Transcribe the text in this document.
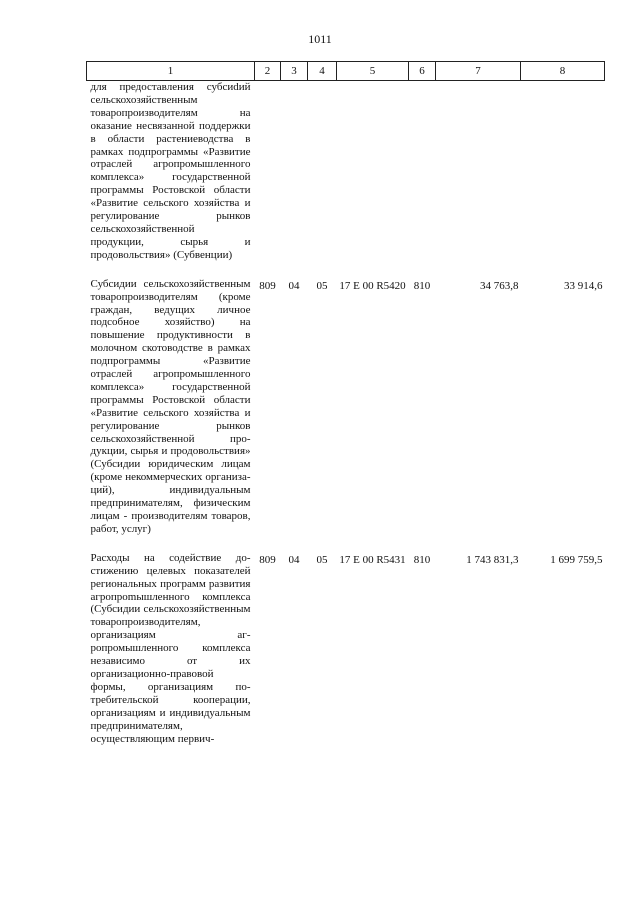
1011
1	2	3	4	5	6	7	8
для предоставления субсиdий сельскохозяйственным товаропроизводителям на оказание несвязанной поддержки в области растениеводства в рамках подпрограммы «Развитие отраслей агропромышленного комплекса» государственной программы Ростовской области «Развитие сельского хозяйства и регулирование рынков сельскохозяйственной продукции, сырья и продовольствия» (Субвенции)							
Субсидии сельскохозяйственным товаропроизводителям (кроме граждан, ведущих личное подсобное хозяйство) на повышение продуктивности в молочном скотоводстве в рамках подпрограммы «Развитие отраслей агропромышленного комплекса» государственной программы Ростовской области «Развитие сельского хозяйства и регулирование рынков сельскохозяйственной продукции, сырья и продовольствия» (Субсидии юридическим лицам (кроме некоммерческих организаций), индивидуальным предпринимателям, физическим лицам - производителям товаров, работ, услуг)	809	04	05	17 Е 00 R5420	810	34 763,8	33 914,6
Расходы на содействие достижению целевых показателей региональных программ развития агропроmышленного комплекса (Субсидии сельскохозяйственным товаропроизводителям, организациям агропромышленного комплекса независимо от их организационно-правовой формы, организациям потребительской кооперации, организациям и индивидуальным предпринимателям, осуществляющим первич-	809	04	05	17 Е 00 R5431	810	1 743 831,3	1 699 759,5
